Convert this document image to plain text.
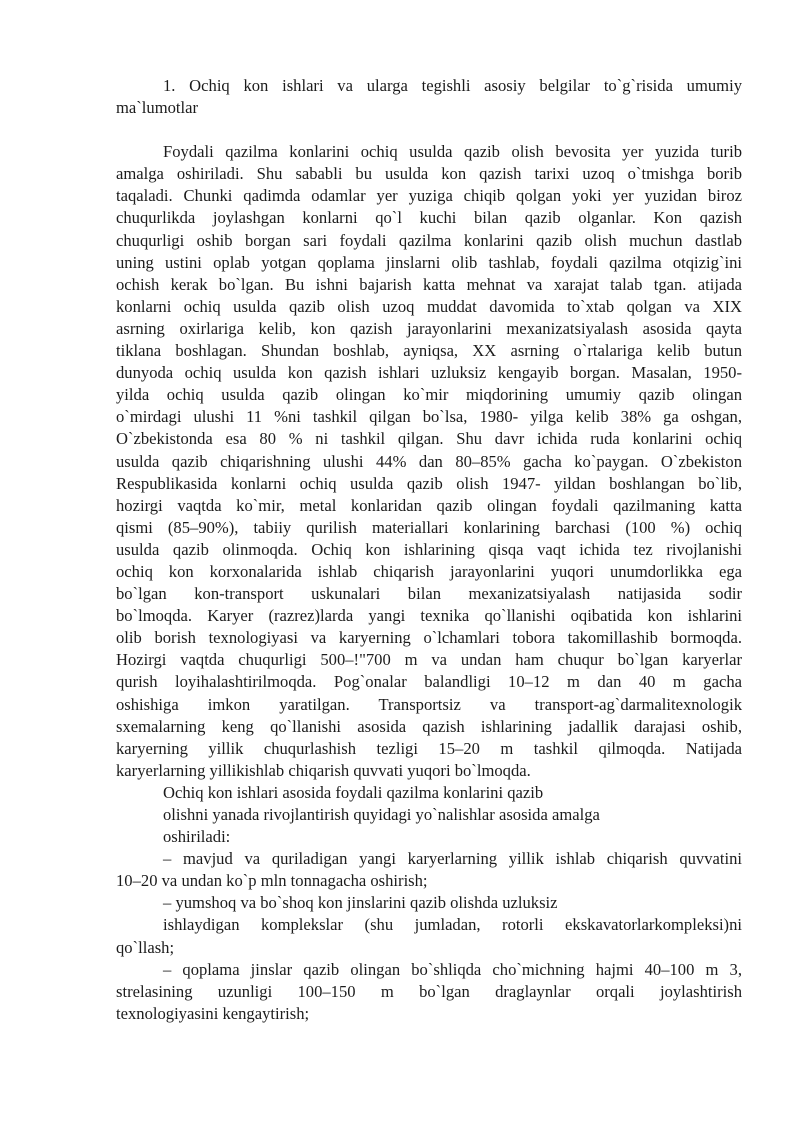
1. Ochiq kon ishlari va ularga tegishli asosiy belgilar to`g`risida umumiy
ma`lumotlar
Foydali qazilma konlarini ochiq usulda qazib olish bevosita yer yuzida turib
amalga oshiriladi. Shu sababli bu usulda kon qazish tarixi uzoq o`tmishga borib
taqaladi. Chunki qadimda odamlar yer yuziga chiqib qolgan yoki yer yuzidan biroz
chuqurlikda joylashgan konlarni qo`l kuchi bilan qazib olganlar. Kon qazish
chuqurligi oshib borgan sari foydali qazilma konlarini qazib olish muchun dastlab
uning ustini oplab yotgan qoplama jinslarni olib tashlab, foydali qazilma otqizig`ini
ochish kerak bo`lgan. Bu ishni bajarish katta mehnat va xarajat talab tgan. atijada
konlarni ochiq usulda qazib olish uzoq muddat davomida to`xtab qolgan va XIX
asrning oxirlariga kelib, kon qazish jarayonlarini mexanizatsiyalash asosida qayta
tiklana boshlagan. Shundan boshlab, ayniqsa, XX asrning o`rtalariga kelib butun
dunyoda ochiq usulda kon qazish ishlari uzluksiz kengayib borgan. Masalan, 1950-
yilda ochiq usulda qazib olingan ko`mir miqdorining umumiy qazib olingan
o`mirdagi ulushi 11 %ni tashkil qilgan bo`lsa, 1980- yilga kelib 38% ga oshgan,
O`zbekistonda esa 80 % ni tashkil qilgan. Shu davr ichida ruda konlarini ochiq
usulda qazib chiqarishning ulushi 44% dan 80–85% gacha ko`paygan. O`zbekiston
Respublikasida konlarni ochiq usulda qazib olish 1947- yildan boshlangan bo`lib,
hozirgi vaqtda ko`mir, metal konlaridan qazib olingan foydali qazilmaning katta
qismi (85–90%), tabiiy qurilish materiallari konlarining barchasi (100 %) ochiq
usulda qazib olinmoqda. Ochiq kon ishlarining qisqa vaqt ichida tez rivojlanishi
ochiq kon korxonalarida ishlab chiqarish jarayonlarini yuqori unumdorlikka ega
bo`lgan kon-transport uskunalari bilan mexanizatsiyalash natijasida sodir
bo`lmoqda. Karyer (razrez)larda yangi texnika qo`llanishi oqibatida kon ishlarini
olib borish texnologiyasi va karyerning o`lchamlari tobora takomillashib bormoqda.
Hozirgi vaqtda chuqurligi 500–!"700 m va undan ham chuqur bo`lgan karyerlar
qurish loyihalashtirilmoqda. Pog`onalar balandligi 10–12 m dan 40 m gacha
oshishiga imkon yaratilgan. Transportsiz va transport-ag`darmalitexnologik
sxemalarning keng qo`llanishi asosida qazish ishlarining jadallik darajasi oshib,
karyerning yillik chuqurlashish tezligi 15–20 m tashkil qilmoqda. Natijada
karyerlarning yillikishlab chiqarish quvvati yuqori bo`lmoqda.
Ochiq kon ishlari asosida foydali qazilma konlarini qazib
olishni yanada rivojlantirish quyidagi yo`nalishlar asosida amalga
oshiriladi:
– mavjud va quriladigan yangi karyerlarning yillik ishlab chiqarish quvvatini
10–20 va undan ko`p mln tonnagacha oshirish;
– yumshoq va bo`shoq kon jinslarini qazib olishda uzluksiz
ishlaydigan komplekslar (shu jumladan, rotorli ekskavatorlarkompleksi)ni
qo`llash;
– qoplama jinslar qazib olingan bo`shliqda cho`michning hajmi 40–100 m 3,
strelasining uzunligi 100–150 m bo`lgan draglaynlar orqali joylashtirish
texnologiyasini kengaytirish;
